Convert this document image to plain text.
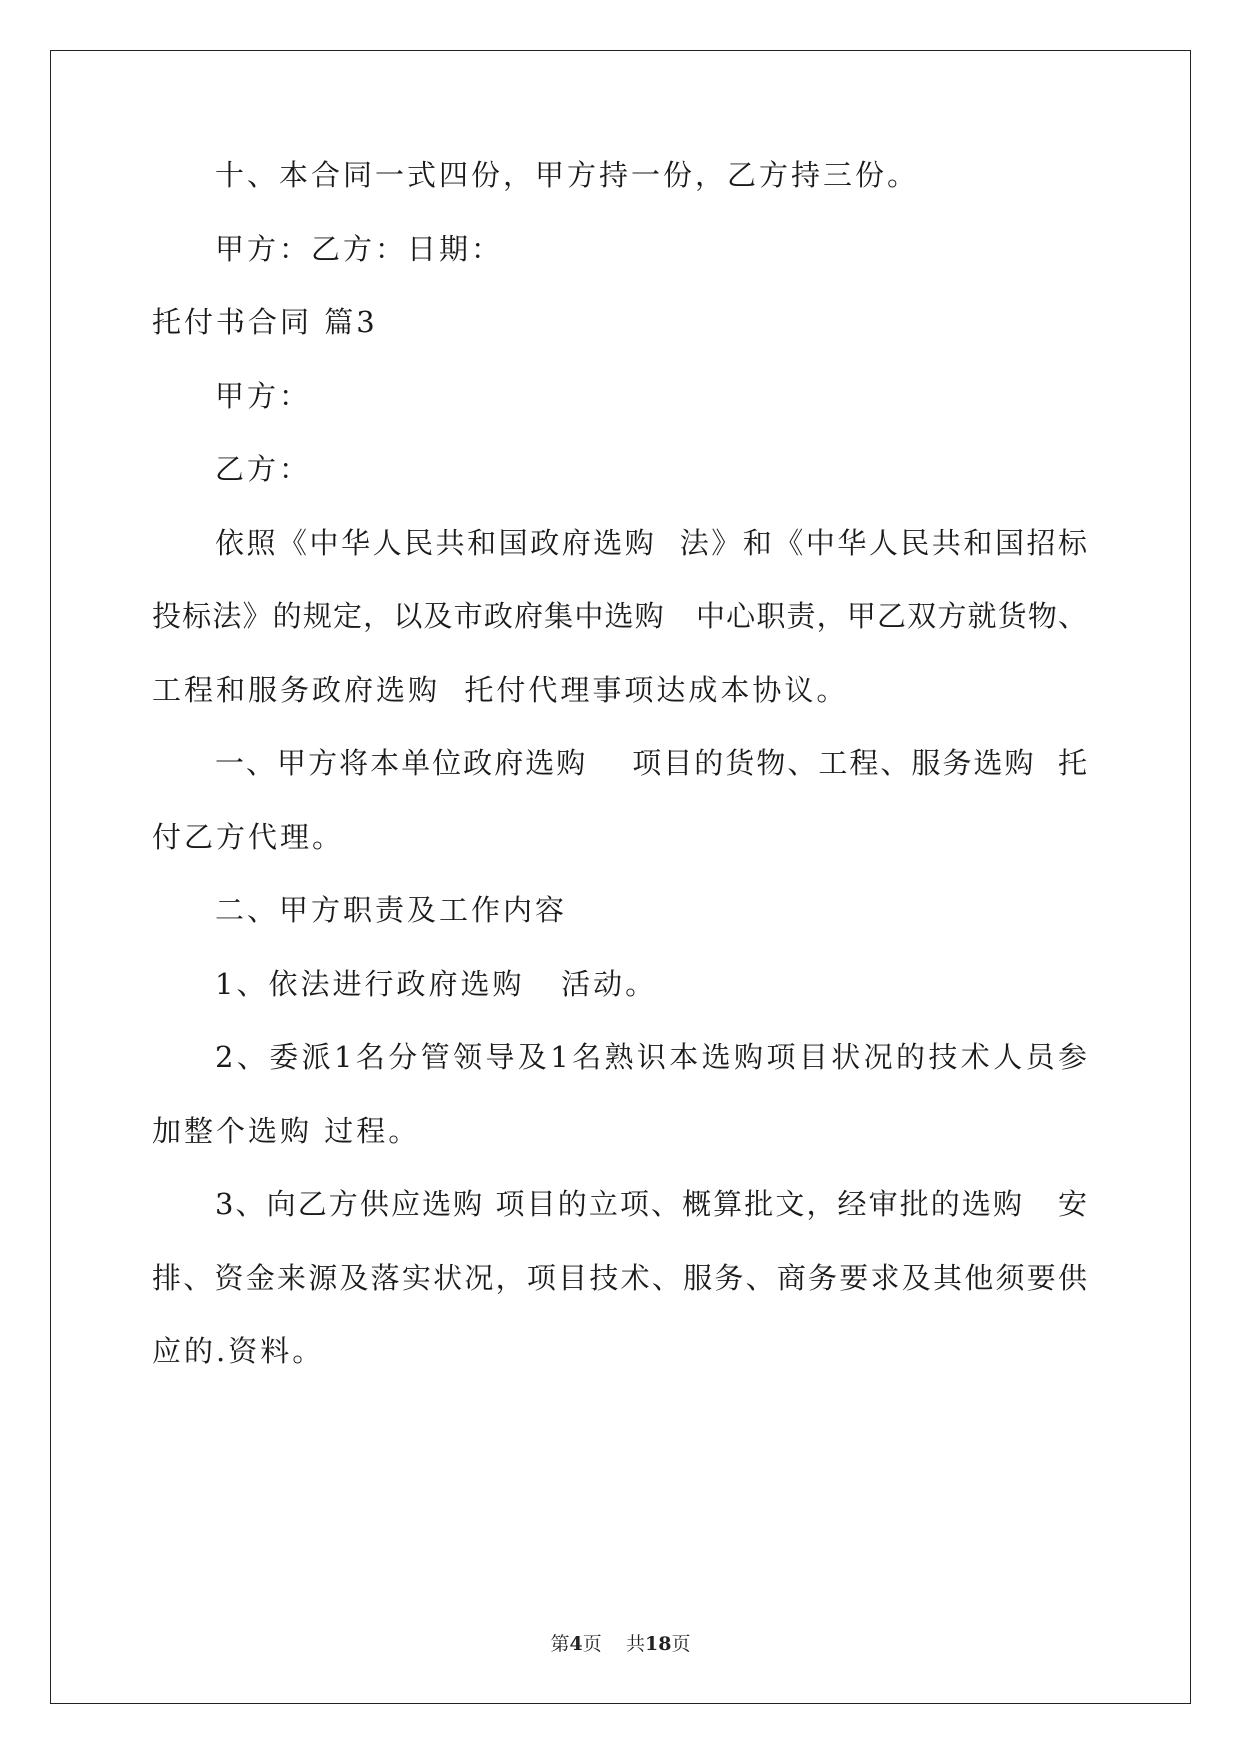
十、本合同一式四份，甲方持一份，乙方持三份。
甲方：乙方：日期：
托付书合同 篇3
甲方：
乙方：
依照《中华人民共和国政府选购  法》和《中华人民共和国招标
投标法》的规定，以及市政府集中选购   中心职责，甲乙双方就货物、
工程和服务政府选购  托付代理事项达成本协议。
一、甲方将本单位政府选购    项目的货物、工程、服务选购  托
付乙方代理。
二、甲方职责及工作内容
1、依法进行政府选购   活动。
2、委派1名分管领导及1名熟识本选购项目状况的技术人员参
加整个选购 过程。
3、向乙方供应选购 项目的立项、概算批文，经审批的选购   安
排、资金来源及落实状况，项目技术、服务、商务要求及其他须要供
应的.资料。
第4页 共18页
